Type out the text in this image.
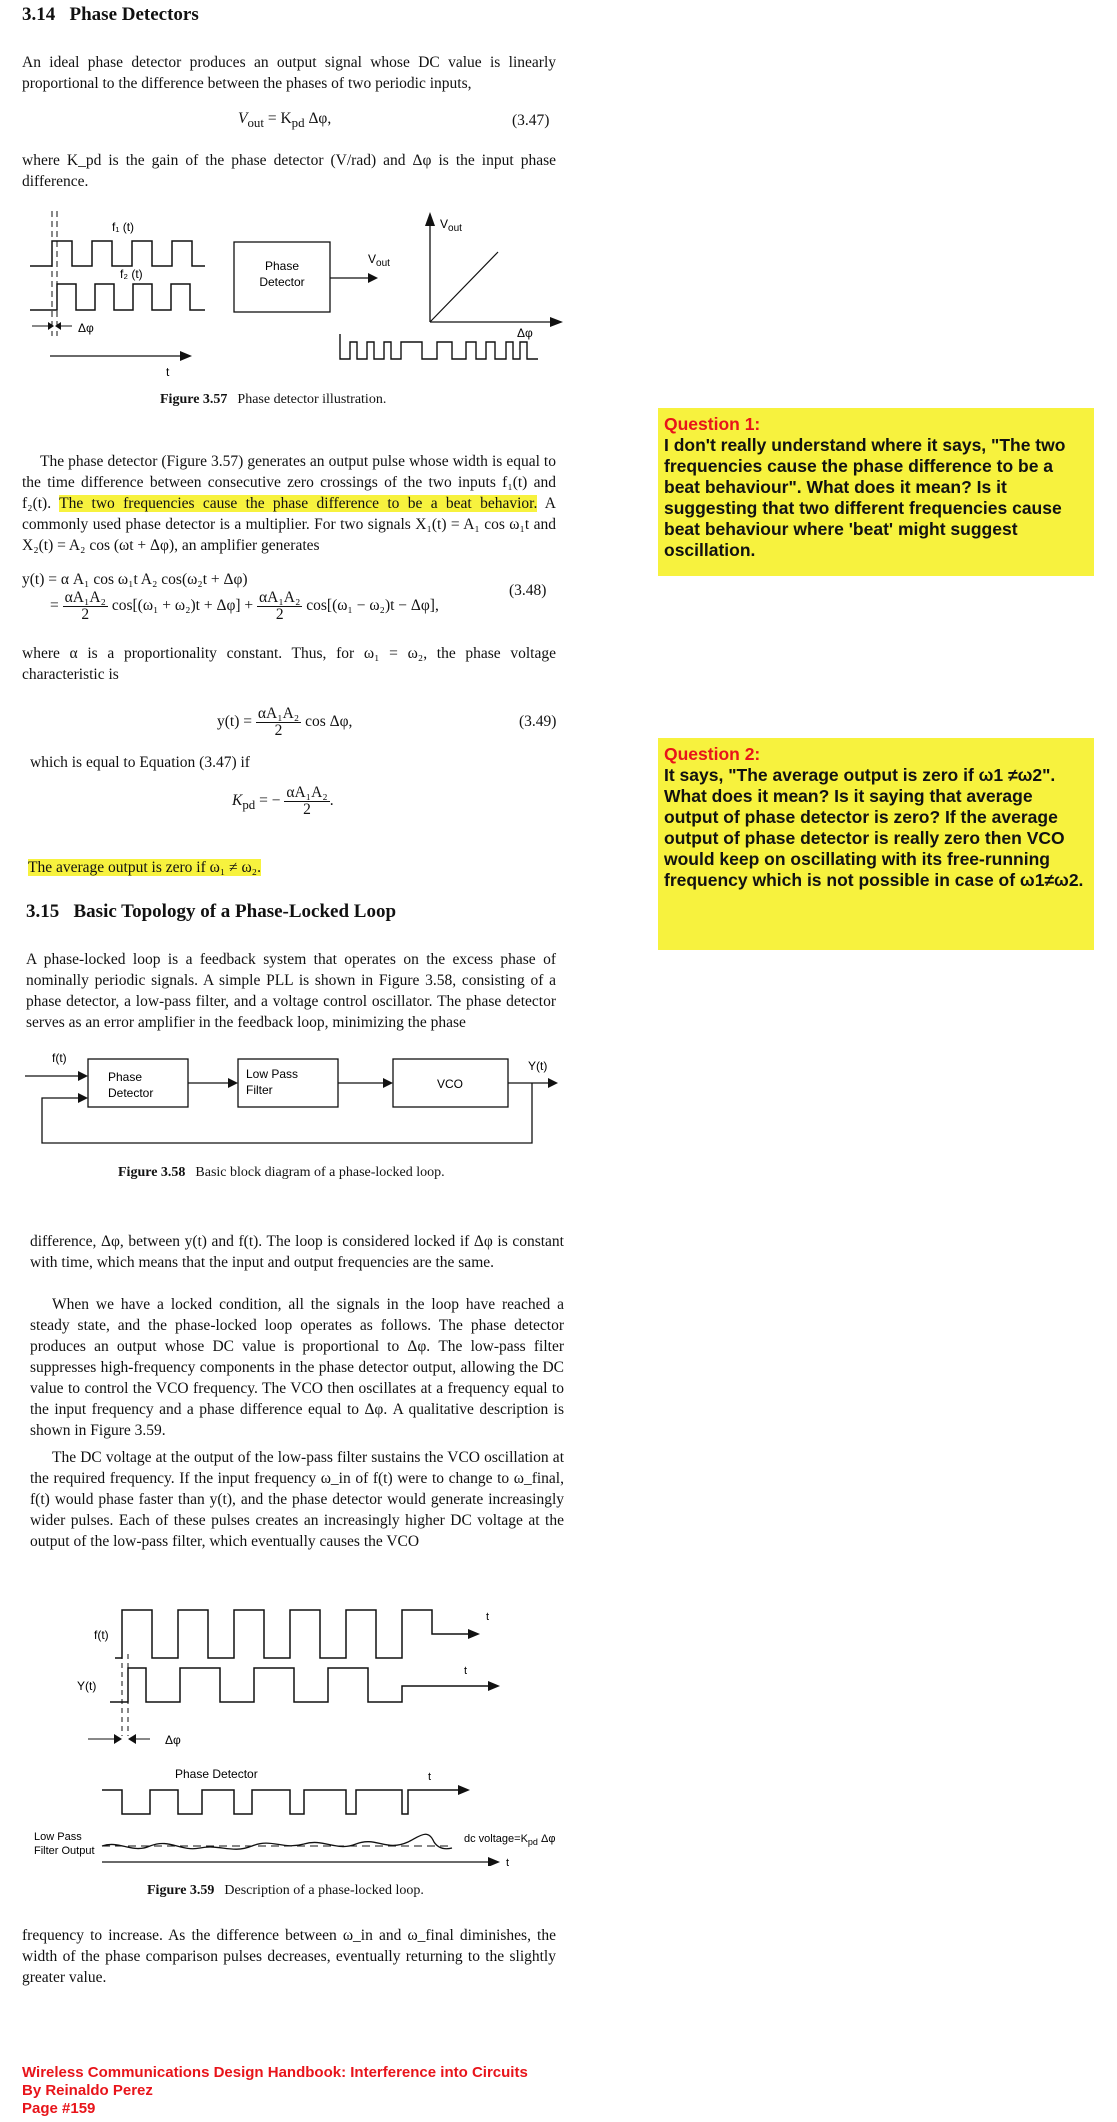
3.14 Phase Detectors
An ideal phase detector produces an output signal whose DC value is linearly proportional to the difference between the phases of two periodic inputs,
$V_{out} = K_{pd}$ Δφ,	(3.47)
where K_pd is the gain of the phase detector (V/rad) and Δφ is the input phase difference.
f₁ (t)
f₂ (t)
Phase
Detector
$V_{out}$
Δφ
t
$V_{out}$
Δφ
Figure 3.57 Phase detector illustration.
The phase detector (Figure 3.57) generates an output pulse whose width is equal to the time difference between consecutive zero crossings of the two inputs f₁(t) and f₂(t). The two frequencies cause the phase difference to be a beat behavior. A commonly used phase detector is a multiplier. For two signals X₁(t) = A₁ cos ω₁t and X₂(t) = A₂ cos (ωt + Δφ), an amplifier generates
y(t) = α A₁ cos ω₁t A₂ cos(ω₂t + Δφ)
= $\frac{\text{αA₁A₂}}{2} \cos[(\omega_1 + \omega_2)t + \Delta\varphi] + \frac{\text{αA₁A₂}}{2} \cos[(\omega_1 - \omega_2)t - \Delta\varphi]$,
(3.48)
where α is a proportionality constant. Thus, for ω₁ = ω₂, the phase voltage characteristic is
$y(t) = \frac{\text{αA₁A₂}}{2}$ cos Δφ,	(3.49)
which is equal to Equation (3.47) if
$K_{pd}$ = − $\frac{\text{αA₁A₂}}{2}$ .
The average output is zero if ω₁ ≠ ω₂.
3.15 Basic Topology of a Phase-Locked Loop
A phase-locked loop is a feedback system that operates on the excess phase of nominally periodic signals. A simple PLL is shown in Figure 3.58, consisting of a phase detector, a low-pass filter, and a voltage control oscillator. The phase detector serves as an error amplifier in the feedback loop, minimizing the phase
f(t)
Phase
Detector
Low Pass
Filter	VCO
Y(t)
Figure 3.58 Basic block diagram of a phase-locked loop.
difference, Δφ, between y(t) and f(t). The loop is considered locked if Δφ is constant with time, which means that the input and output frequencies are the same.
When we have a locked condition, all the signals in the loop have reached a steady state, and the phase-locked loop operates as follows. The phase detector produces an output whose DC value is proportional to Δφ. The low-pass filter suppresses high-frequency components in the phase detector output, allowing the DC value to control the VCO frequency. The VCO then oscillates at a frequency equal to the input frequency and a phase difference equal to Δφ. A qualitative description is shown in Figure 3.59.
The DC voltage at the output of the low-pass filter sustains the VCO oscillation at the required frequency. If the input frequency ω_in of f(t) were to change to ω_final, f(t) would phase faster than y(t), and the phase detector would generate increasingly wider pulses. Each of these pulses creates an increasingly higher DC voltage at the output of the low-pass filter, which eventually causes the VCO
f(t)
t
Y(t)
t
Δφ
Phase Detector	t
Low Pass
Filter Output
t
dc $voltage=K_{pd}$ Δφ
Figure 3.59 Description of a phase-locked loop.
frequency to increase. As the difference between ω_in and ω_final diminishes, the width of the phase comparison pulses decreases, eventually returning to the slightly greater value.
Wireless Communications Design Handbook: Interference into Circuits
By Reinaldo Perez
Page #159
Question 1:
I don't really understand where it says, "The two frequencies cause the phase difference to be a beat behaviour". What does it mean? Is it suggesting that two different frequencies cause beat behaviour where 'beat' might suggest oscillation.
Question 2:
It says, "The average output is zero if ω1 ≠ω2". What does it mean? Is it saying that average output of phase detector is zero? If the average output of phase detector is really zero then VCO would keep on oscillating with its free-running frequency which is not possible in case of ω1≠ω2.
